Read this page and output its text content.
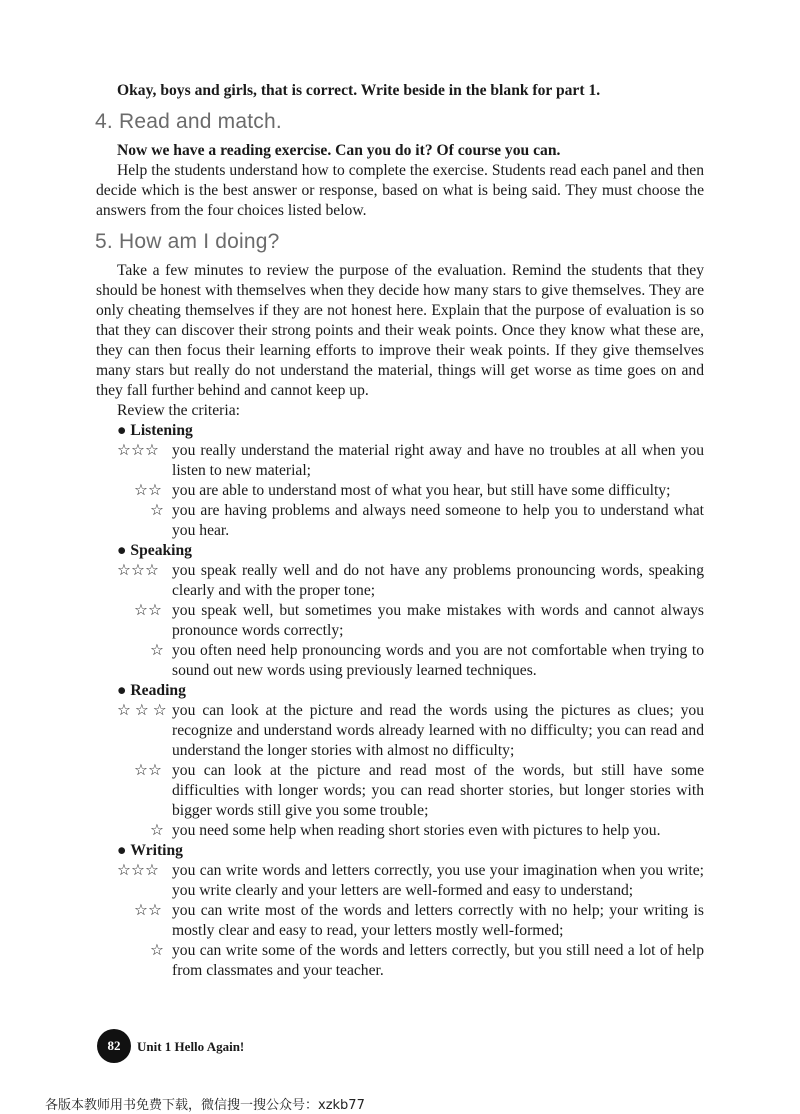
Okay, boys and girls, that is correct. Write beside in the blank for part 1.

4. Read and match.

Now we have a reading exercise. Can you do it? Of course you can.

Help the students understand how to complete the exercise. Students read each panel and then decide which is the best answer or response, based on what is being said. They must choose the answers from the four choices listed below.

5. How am I doing?

Take a few minutes to review the purpose of the evaluation. Remind the students that they should be honest with themselves when they decide how many stars to give themselves. They are only cheating themselves if they are not honest here. Explain that the purpose of evaluation is so that they can discover their strong points and their weak points. Once they know what these are, they can then focus their learning efforts to improve their weak points. If they give themselves many stars but really do not understand the material, things will get worse as time goes on and they fall further behind and cannot keep up.

Review the criteria:

● Listening
☆☆☆ you really understand the material right away and have no troubles at all when you listen to new material;
☆☆ you are able to understand most of what you hear, but still have some difficulty;
☆ you are having problems and always need someone to help you to understand what you hear.
● Speaking
☆☆☆ you speak really well and do not have any problems pronouncing words, speaking clearly and with the proper tone;
☆☆ you speak well, but sometimes you make mistakes with words and cannot always pronounce words correctly;
☆ you often need help pronouncing words and you are not comfortable when trying to sound out new words using previously learned techniques.
● Reading
☆ ☆ ☆ you can look at the picture and read the words using the pictures as clues; you recognize and understand words already learned with no difficulty; you can read and understand the longer stories with almost no difficulty;
☆☆ you can look at the picture and read most of the words, but still have some difficulties with longer words; you can read shorter stories, but longer stories with bigger words still give you some trouble;
☆ you need some help when reading short stories even with pictures to help you.
● Writing
☆☆☆ you can write words and letters correctly, you use your imagination when you write; you write clearly and your letters are well-formed and easy to understand;
☆☆ you can write most of the words and letters correctly with no help; your writing is mostly clear and easy to read, your letters mostly well-formed;
☆ you can write some of the words and letters correctly, but you still need a lot of help from classmates and your teacher.
82	Unit 1 Hello Again!
各版本教师用书免费下载，微信搜一搜公众号：xzkb77
